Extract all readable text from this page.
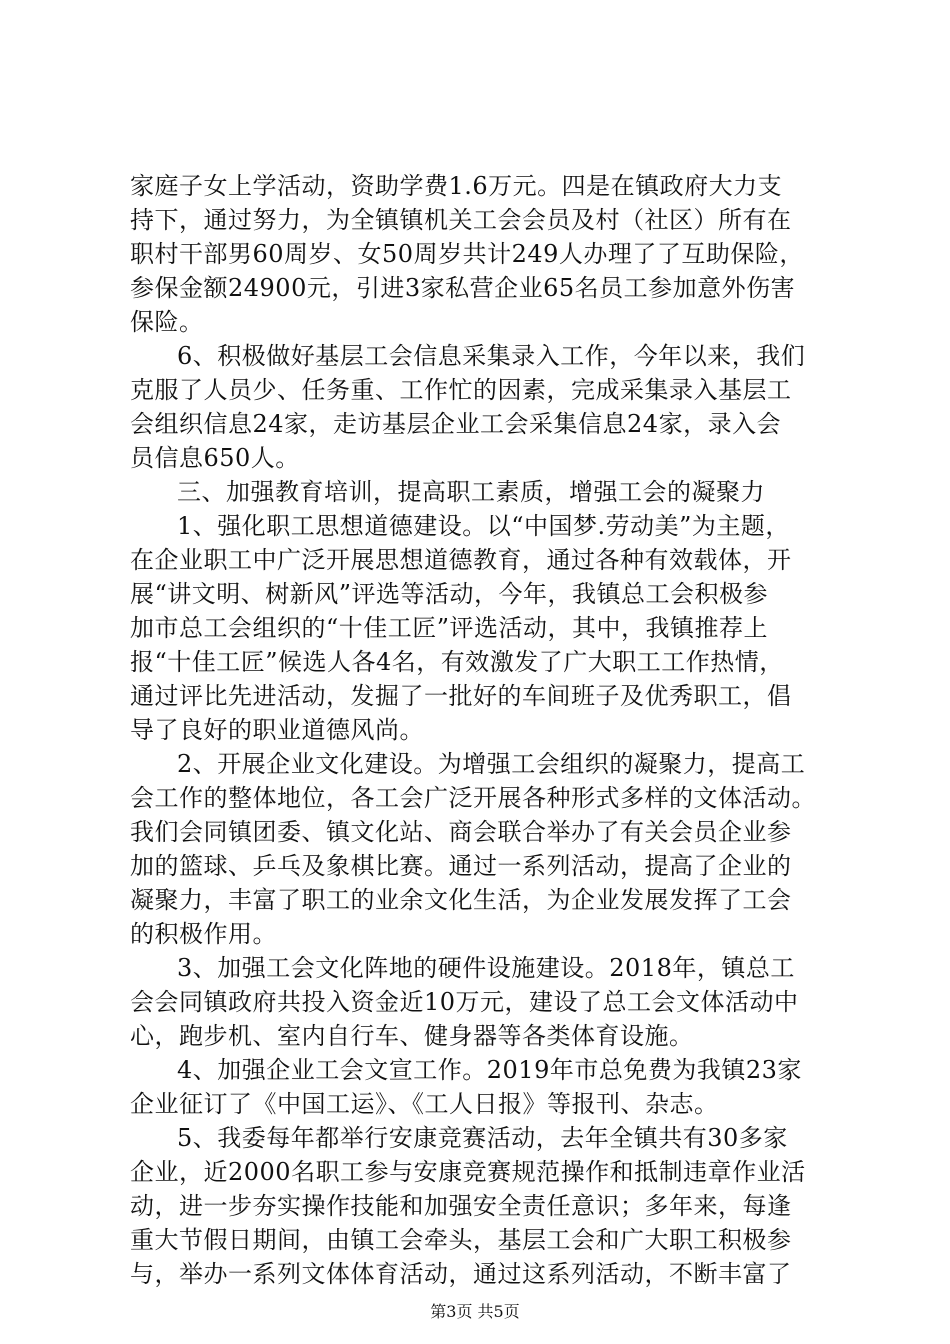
家庭子女上学活动，资助学费1.6万元。四是在镇政府大力支
持下，通过努力，为全镇镇机关工会会员及村（社区）所有在
职村干部男60周岁、女50周岁共计249人办理了了互助保险，
参保金额24900元，引进3家私营企业65名员工参加意外伤害
保险。
6、积极做好基层工会信息采集录入工作，今年以来，我们
克服了人员少、任务重、工作忙的因素，完成采集录入基层工
会组织信息24家，走访基层企业工会采集信息24家，录入会
员信息650人。
三、加强教育培训，提高职工素质，增强工会的凝聚力
1、强化职工思想道德建设。以“中国梦.劳动美”为主题，
在企业职工中广泛开展思想道德教育，通过各种有效载体，开
展“讲文明、树新风”评选等活动，今年，我镇总工会积极参
加市总工会组织的“十佳工匠”评选活动，其中，我镇推荐上
报“十佳工匠”候选人各4名，有效激发了广大职工工作热情，
通过评比先进活动，发掘了一批好的车间班子及优秀职工，倡
导了良好的职业道德风尚。
2、开展企业文化建设。为增强工会组织的凝聚力，提高工
会工作的整体地位，各工会广泛开展各种形式多样的文体活动。
我们会同镇团委、镇文化站、商会联合举办了有关会员企业参
加的篮球、乒乓及象棋比赛。通过一系列活动，提高了企业的
凝聚力，丰富了职工的业余文化生活，为企业发展发挥了工会
的积极作用。
3、加强工会文化阵地的硬件设施建设。2018年，镇总工
会会同镇政府共投入资金近10万元，建设了总工会文体活动中
心，跑步机、室内自行车、健身器等各类体育设施。
4、加强企业工会文宣工作。2019年市总免费为我镇23家
企业征订了《中国工运》、《工人日报》等报刊、杂志。
5、我委每年都举行安康竞赛活动，去年全镇共有30多家
企业，近2000名职工参与安康竞赛规范操作和抵制违章作业活
动，进一步夯实操作技能和加强安全责任意识；多年来，每逢
重大节假日期间，由镇工会牵头，基层工会和广大职工积极参
与，举办一系列文体体育活动，通过这系列活动，不断丰富了
第3页 共5页
